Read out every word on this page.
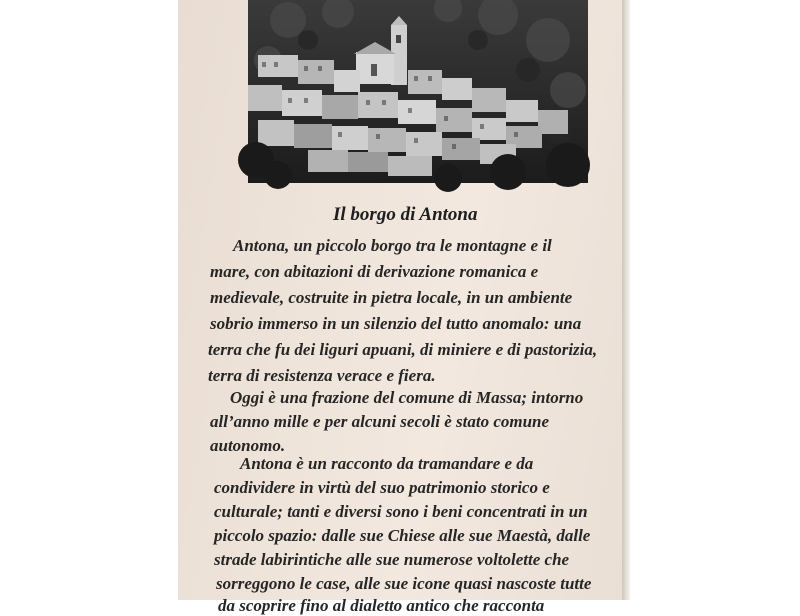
Il borgo di Antona
Antona, un piccolo borgo tra le montagne e il
mare, con abitazioni di derivazione romanica e
medievale, costruite in pietra locale, in un ambiente
sobrio immerso in un silenzio del tutto anomalo: una
terra che fu dei liguri apuani, di miniere e di pastorizia,
terra di resistenza verace e fiera.
Oggi è una frazione del comune di Massa; intorno
all’anno mille e per alcuni secoli è stato comune
autonomo.
Antona è un racconto da tramandare e da
condividere in virtù del suo patrimonio storico e
culturale; tanti e diversi sono i beni concentrati in un
piccolo spazio: dalle sue Chiese alle sue Maestà, dalle
strade labirintiche alle sue numerose voltolette che
sorreggono le case, alle sue icone quasi nascoste tutte
da scoprire fino al dialetto antico che racconta
